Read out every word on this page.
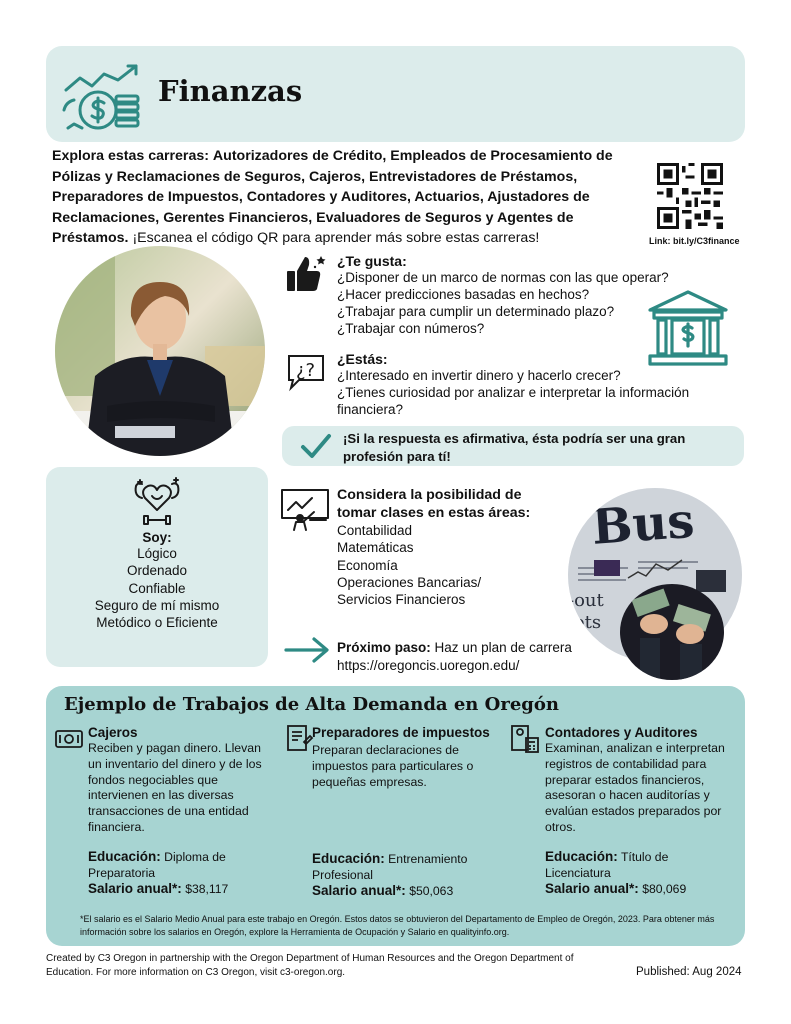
Finanzas
Explora estas carreras: Autorizadores de Crédito, Empleados de Procesamiento de Pólizas y Reclamaciones de Seguros, Cajeros, Entrevistadores de Préstamos, Preparadores de Impuestos, Contadores y Auditores, Actuarios, Ajustadores de Reclamaciones, Gerentes Financieros, Evaluadores de Seguros y Agentes de Préstamos. ¡Escanea el código QR para aprender más sobre estas carreras!	Link: bit.ly/C3finance
¿Te gusta:
¿Disponer de un marco de normas con las que operar?
¿Hacer predicciones basadas en hechos?
¿Trabajar para cumplir un determinado plazo?
¿Trabajar con números?
¿?
¿Estás:
¿Interesado en invertir dinero y hacerlo crecer?
¿Tienes curiosidad por analizar e interpretar la información financiera?
¡Si la respuesta es afirmativa, ésta podría ser una gran profesión para tí!
Soy:
Lógico
Ordenado
Confiable
Seguro de mí mismo
Metódico o Eficiente
Considera la posibilidad de tomar clases en estas áreas:
Contabilidad
Matemáticas
Economía
Operaciones Bancarias/
Servicios Financieros
Bus
-out
lots
Próximo paso: Haz un plan de carrera
https://oregoncis.uoregon.edu/
Ejemplo de Trabajos de Alta Demanda en Oregón
Cajeros
Reciben y pagan dinero. Llevan un inventario del dinero y de los fondos negociables que intervienen en las diversas transacciones de una entidad financiera.
Educación: Diploma de Preparatoria
Salario anual*: $38,117
Preparadores de impuestos
Preparan declaraciones de impuestos para particulares o pequeñas empresas.
Educación: Entrenamiento Profesional
Salario anual*: $50,063
Contadores y Auditores
Examinan, analizan e interpretan registros de contabilidad para preparar estados financieros, asesoran o hacen auditorías y evalúan estados preparados por otros.
Educación: Título de Licenciatura
Salario anual*: $80,069
*El salario es el Salario Medio Anual para este trabajo en Oregón. Estos datos se obtuvieron del Departamento de Empleo de Oregón, 2023. Para obtener más información sobre los salarios en Oregón, explore la Herramienta de Ocupación y Salario en qualityinfo.org.
Created by C3 Oregon in partnership with the Oregon Department of Human Resources and the Oregon Department of Education. For more information on C3 Oregon, visit c3-oregon.org.	Published: Aug 2024
